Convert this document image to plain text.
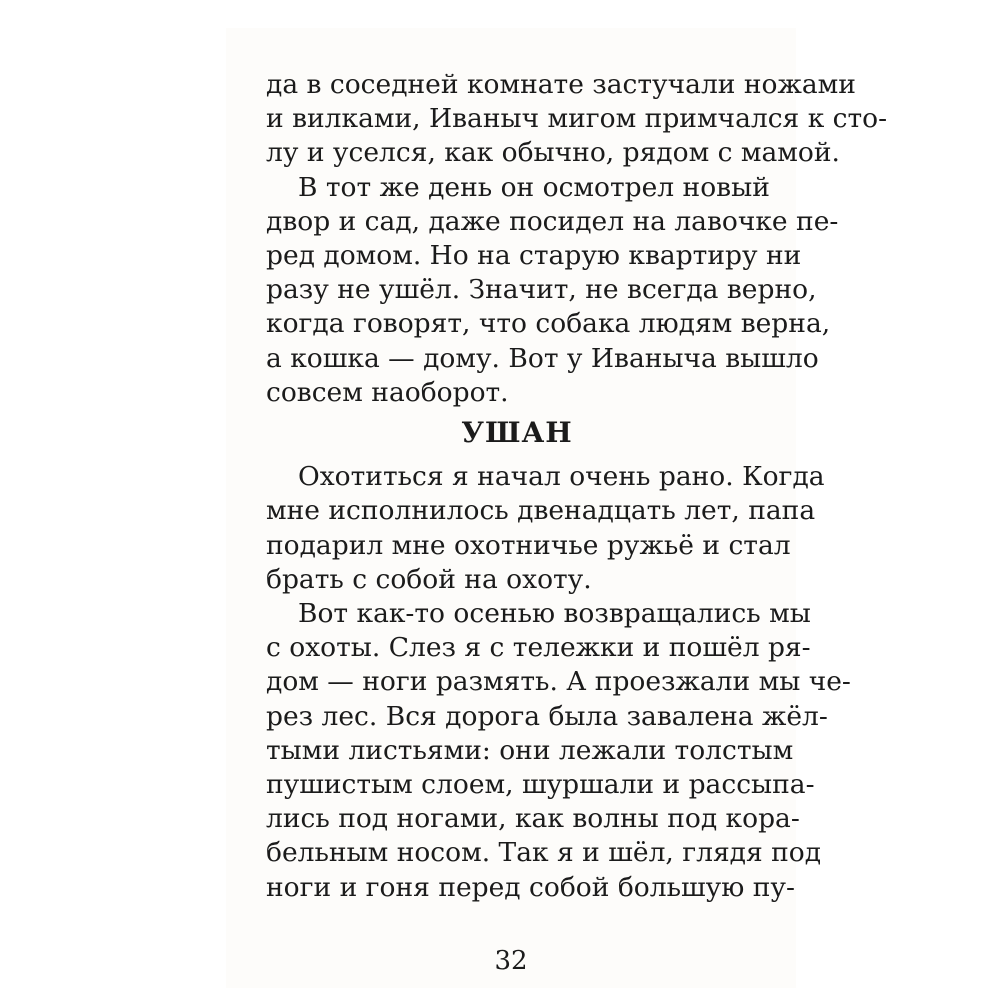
да в соседней комнате застучали ножами

и вилками, Иваныч мигом примчался к сто-

лу и уселся, как обычно, рядом с мамой.

В тот же день он осмотрел новый

двор и сад, даже посидел на лавочке пе-

ред домом. Но на старую квартиру ни

разу не ушёл. Значит, не всегда верно,

когда говорят, что собака людям верна,

а кошка — дому. Вот у Иваныча вышло

совсем наоборот.

УШАН

Охотиться я начал очень рано. Когда

мне исполнилось двенадцать лет, папа

подарил мне охотничье ружьё и стал

брать с собой на охоту.

Вот как-то осенью возвращались мы

с охоты. Слез я с тележки и пошёл ря-

дом — ноги размять. А проезжали мы че-

рез лес. Вся дорога была завалена жёл-

тыми листьями: они лежали толстым

пушистым слоем, шуршали и рассыпа-

лись под ногами, как волны под кора-

бельным носом. Так я и шёл, глядя под

ноги и гоня перед собой большую пу-

32
